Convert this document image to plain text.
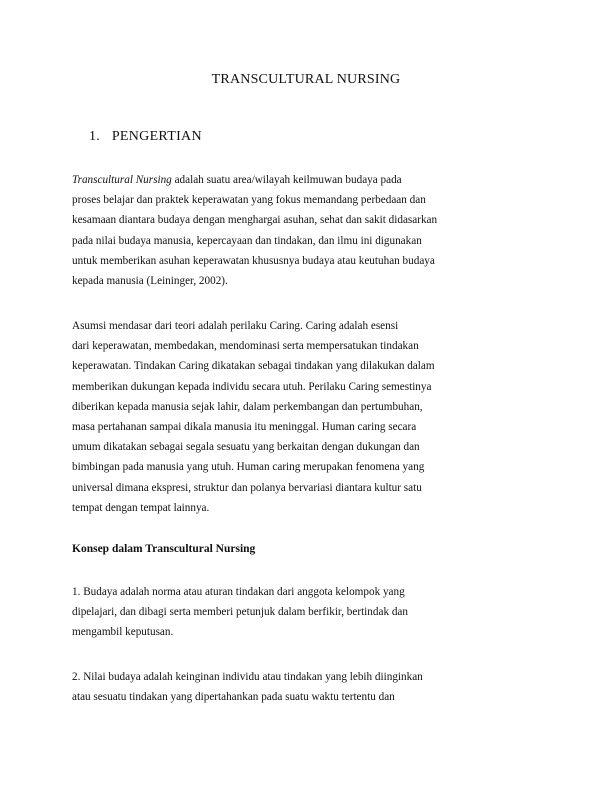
TRANSCULTURAL NURSING
1. PENGERTIAN

Transcultural Nursing adalah suatu area/wilayah keilmuwan budaya pada
proses belajar dan praktek keperawatan yang fokus memandang perbedaan dan
kesamaan diantara budaya dengan menghargai asuhan, sehat dan sakit didasarkan
pada nilai budaya manusia, kepercayaan dan tindakan, dan ilmu ini digunakan
untuk memberikan asuhan keperawatan khususnya budaya atau keutuhan budaya
kepada manusia (Leininger, 2002).

Asumsi mendasar dari teori adalah perilaku Caring. Caring adalah esensi
dari keperawatan, membedakan, mendominasi serta mempersatukan tindakan
keperawatan. Tindakan Caring dikatakan sebagai tindakan yang dilakukan dalam
memberikan dukungan kepada individu secara utuh. Perilaku Caring semestinya
diberikan kepada manusia sejak lahir, dalam perkembangan dan pertumbuhan,
masa pertahanan sampai dikala manusia itu meninggal. Human caring secara
umum dikatakan sebagai segala sesuatu yang berkaitan dengan dukungan dan
bimbingan pada manusia yang utuh. Human caring merupakan fenomena yang
universal dimana ekspresi, struktur dan polanya bervariasi diantara kultur satu
tempat dengan tempat lainnya.

Konsep dalam Transcultural Nursing

1. Budaya adalah norma atau aturan tindakan dari anggota kelompok yang
dipelajari, dan dibagi serta memberi petunjuk dalam berfikir, bertindak dan
mengambil keputusan.

2. Nilai budaya adalah keinginan individu atau tindakan yang lebih diinginkan
atau sesuatu tindakan yang dipertahankan pada suatu waktu tertentu dan
